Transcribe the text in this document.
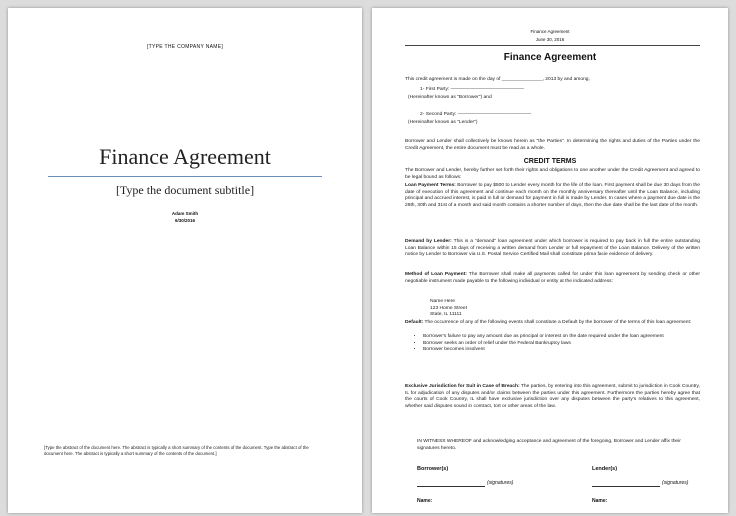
[TYPE THE COMPANY NAME]
Finance Agreement
[Type the document subtitle]
Adam Smith
6/30/2016
[Type the abstract of the document here. The abstract is typically a short summary of the contents of the document. Type the abstract of the document here. The abstract is typically a short summary of the contents of the document.]
Finance Agreement
June 30, 2016
Finance Agreement
This credit agreement is made on the day of _______________, 2013 by and among,
1- First Party: ———————————————
(Hereinafter known as "Borrower") and
2- Second Party: ———————————————
(Hereinafter known as "Lender")
Borrower and Lender shall collectively be known herein as "the Parties". In determining the rights and duties of the Parties under the Credit Agreement, the entire document must be read as a whole.
CREDIT TERMS
The Borrower and Lender, hereby further set forth their rights and obligations to one another under the Credit Agreement and agreed to be legal bound as follows:
Loan Payment Terms: Borrower to pay $500 to Lender every month for the life of the loan. First payment shall be due 30 days from the date of execution of this agreement and continue each month on the monthly anniversary thereafter until the Loan Balance, including principal and accrued interest, is paid in full or demand for payment in full is made by Lender. In cases where a payment due date is the 29th, 30th and 31st of a month and said month contains a shorter number of days, then the due date shall be the last date of the month.
Demand by Lender: This is a "demand" loan agreement under which borrower is required to pay back in full the entire outstanding Loan Balance within 15 days of receiving a written demand from Lender or full repayment of the Loan Balance. Delivery of the written notice by Lender to Borrower via U.S. Postal Service Certified Mail shall constitute prima facie evidence of delivery.
Method of Loan Payment: The Borrower shall make all payments called for under this loan agreement by sending check or other negotiable instrument made payable to the following individual or entity at the indicated address:
Name Here
123 Home Street
State, IL 11111
Default: The occurrence of any of the following events shall constitute a Default by the borrower of the terms of this loan agreement:
• Borrower's failure to pay any amount due as principal or interest on the date required under the loan agreement
• Borrower seeks an order of relief under the Federal Bankruptcy laws
• Borrower becomes insolvent
Exclusive Jurisdiction for Suit in Case of Breach: The parties, by entering into this agreement, submit to jurisdiction in Cook Country, IL for adjudication of any disputes and/or claims between the parties under this agreement. Furthermore the parties hereby agree that the courts of Cook Country, IL shall have exclusive jurisdiction over any disputes between the party's relatives to this agreement, whether said disputes sound in contract, tort or other areas of the law.
IN WITNESS WHEREOF and acknowledging acceptance and agreement of the foregoing, Borrower and Lender affix their signatures hereto.
Borrower(s)	Lender(s)
(signatures)	(signatures)
Name:	Name:
